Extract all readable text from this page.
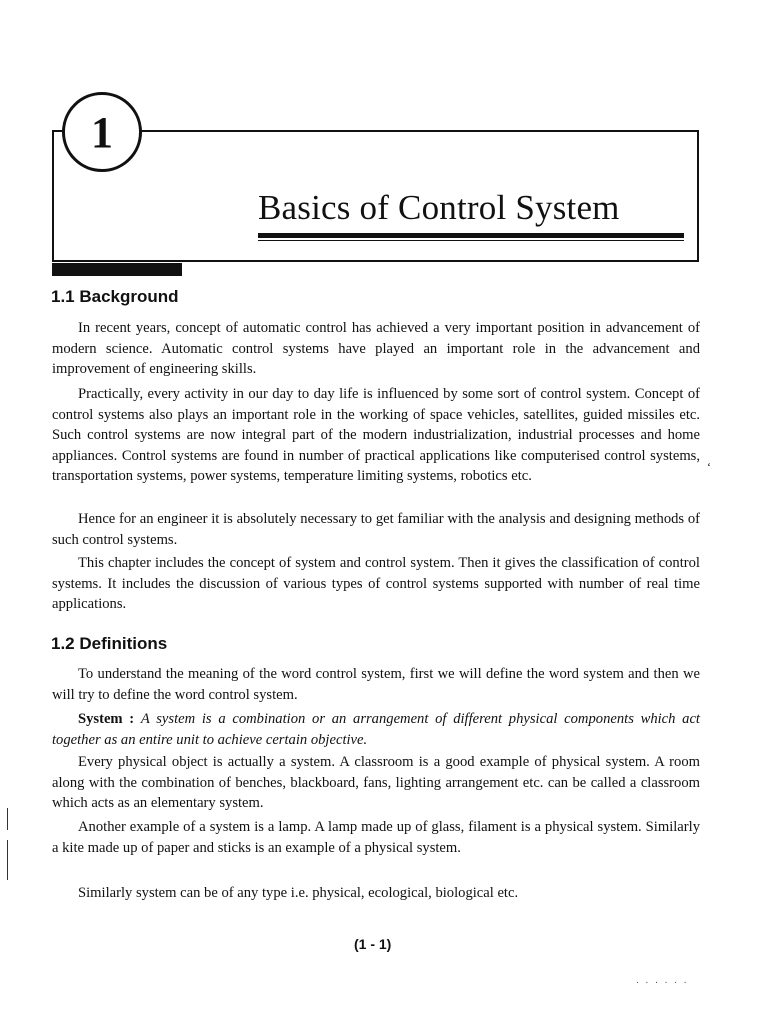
1
Basics of Control System
1.1 Background

In recent years, concept of automatic control has achieved a very important position in advancement of modern science. Automatic control systems have played an important role in the advancement and improvement of engineering skills.

Practically, every activity in our day to day life is influenced by some sort of control system. Concept of control systems also plays an important role in the working of space vehicles, satellites, guided missiles etc. Such control systems are now integral part of the modern industrialization, industrial processes and home appliances. Control systems are found in number of practical applications like computerised control systems, transportation systems, power systems, temperature limiting systems, robotics etc.

Hence for an engineer it is absolutely necessary to get familiar with the analysis and designing methods of such control systems.

This chapter includes the concept of system and control system. Then it gives the classification of control systems. It includes the discussion of various types of control systems supported with number of real time applications.

1.2 Definitions

To understand the meaning of the word control system, first we will define the word system and then we will try to define the word control system.

System : A system is a combination or an arrangement of different physical components which act together as an entire unit to achieve certain objective.

Every physical object is actually a system. A classroom is a good example of physical system. A room along with the combination of benches, blackboard, fans, lighting arrangement etc. can be called a classroom which acts as an elementary system.

Another example of a system is a lamp. A lamp made up of glass, filament is a physical system. Similarly a kite made up of paper and sticks is an example of a physical system.

Similarly system can be of any type i.e. physical, ecological, biological etc.

(1 - 1)
‘
. . . . . .
